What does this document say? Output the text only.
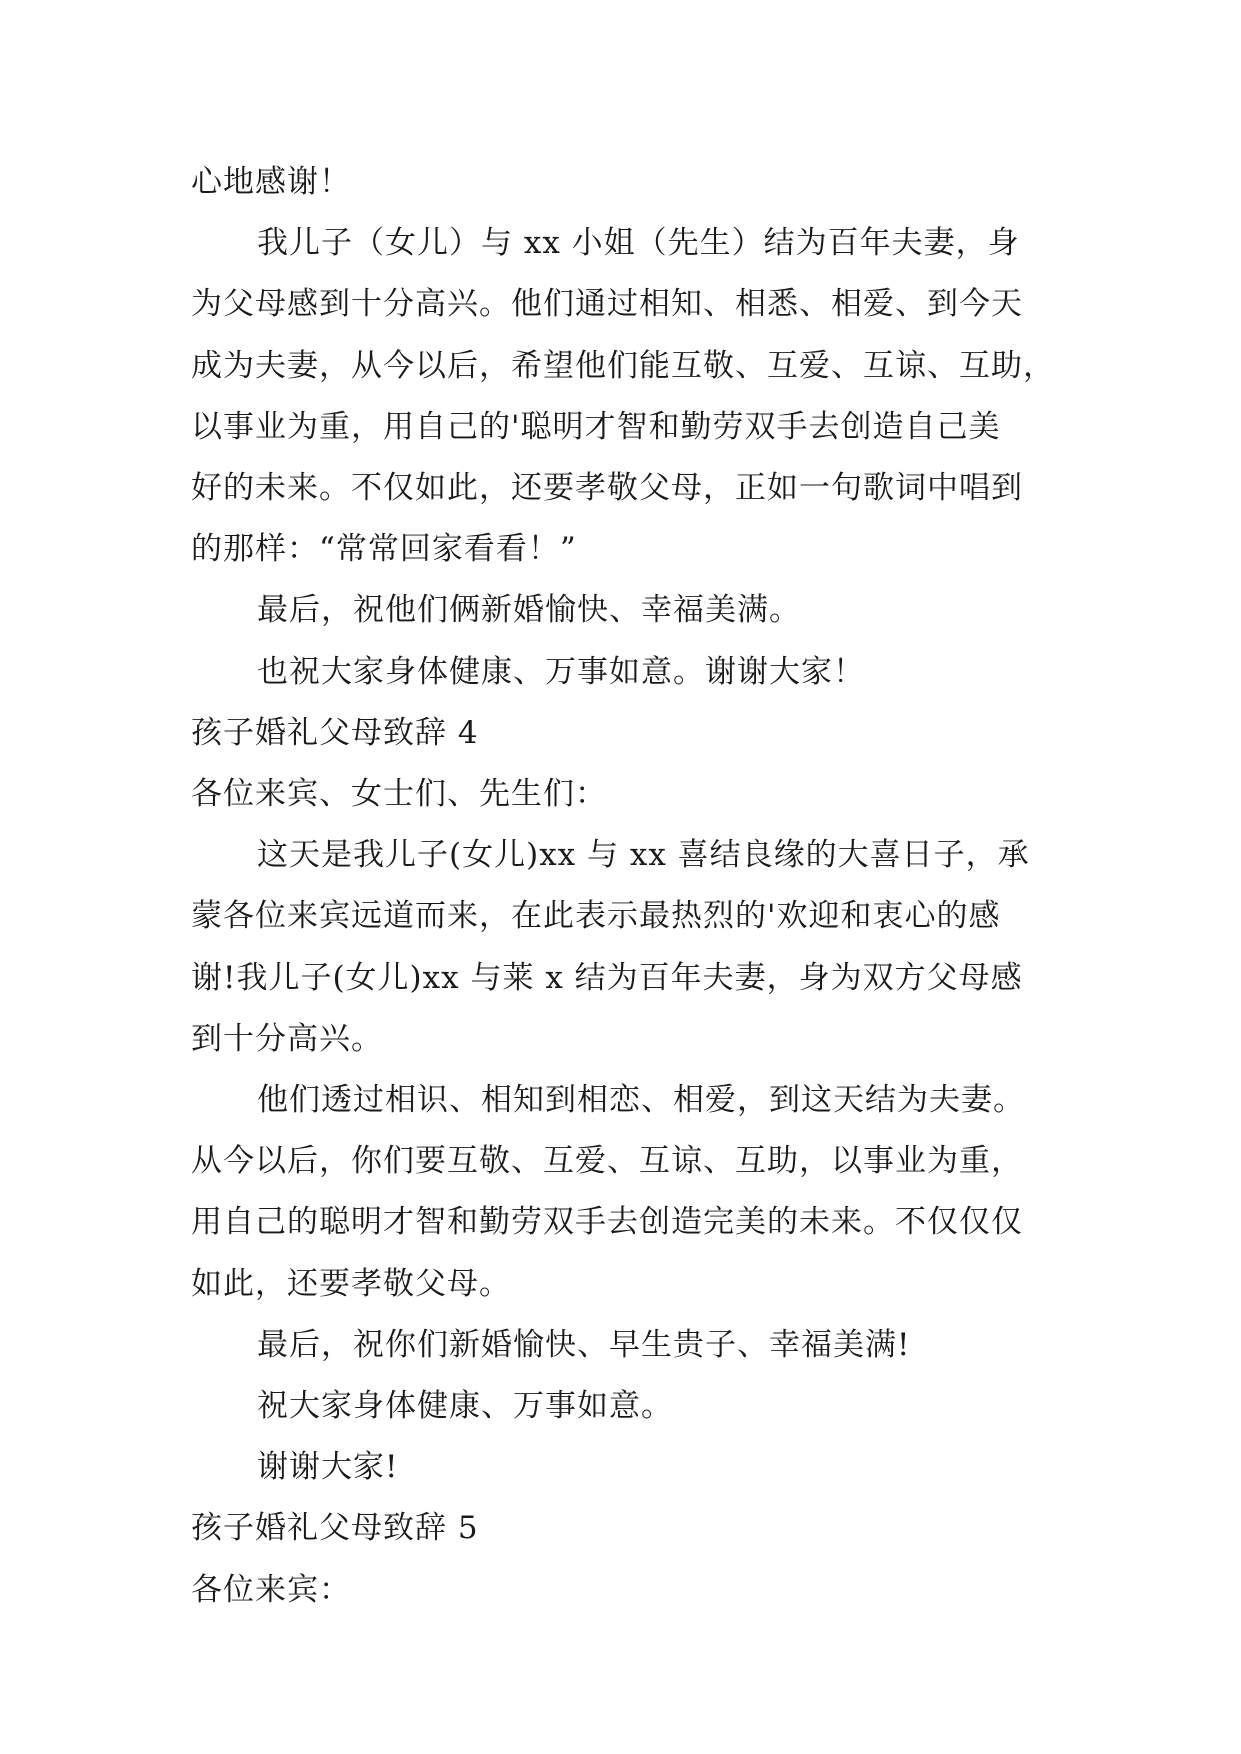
心地感谢！
我儿子（女儿）与 xx 小姐（先生）结为百年夫妻，身
为父母感到十分高兴。他们通过相知、相悉、相爱、到今天
成为夫妻，从今以后，希望他们能互敬、互爱、互谅、互助，
以事业为重，用自己的'聪明才智和勤劳双手去创造自己美
好的未来。不仅如此，还要孝敬父母，正如一句歌词中唱到
的那样：“常常回家看看！”
最后，祝他们俩新婚愉快、幸福美满。
也祝大家身体健康、万事如意。谢谢大家！
孩子婚礼父母致辞 4
各位来宾、女士们、先生们：
这天是我儿子(女儿)xx 与 xx 喜结良缘的大喜日子，承
蒙各位来宾远道而来，在此表示最热烈的'欢迎和衷心的感
谢!我儿子(女儿)xx 与莱 x 结为百年夫妻，身为双方父母感
到十分高兴。
他们透过相识、相知到相恋、相爱，到这天结为夫妻。
从今以后，你们要互敬、互爱、互谅、互助，以事业为重，
用自己的聪明才智和勤劳双手去创造完美的未来。不仅仅仅
如此，还要孝敬父母。
最后，祝你们新婚愉快、早生贵子、幸福美满!
祝大家身体健康、万事如意。
谢谢大家!
孩子婚礼父母致辞 5
各位来宾：
